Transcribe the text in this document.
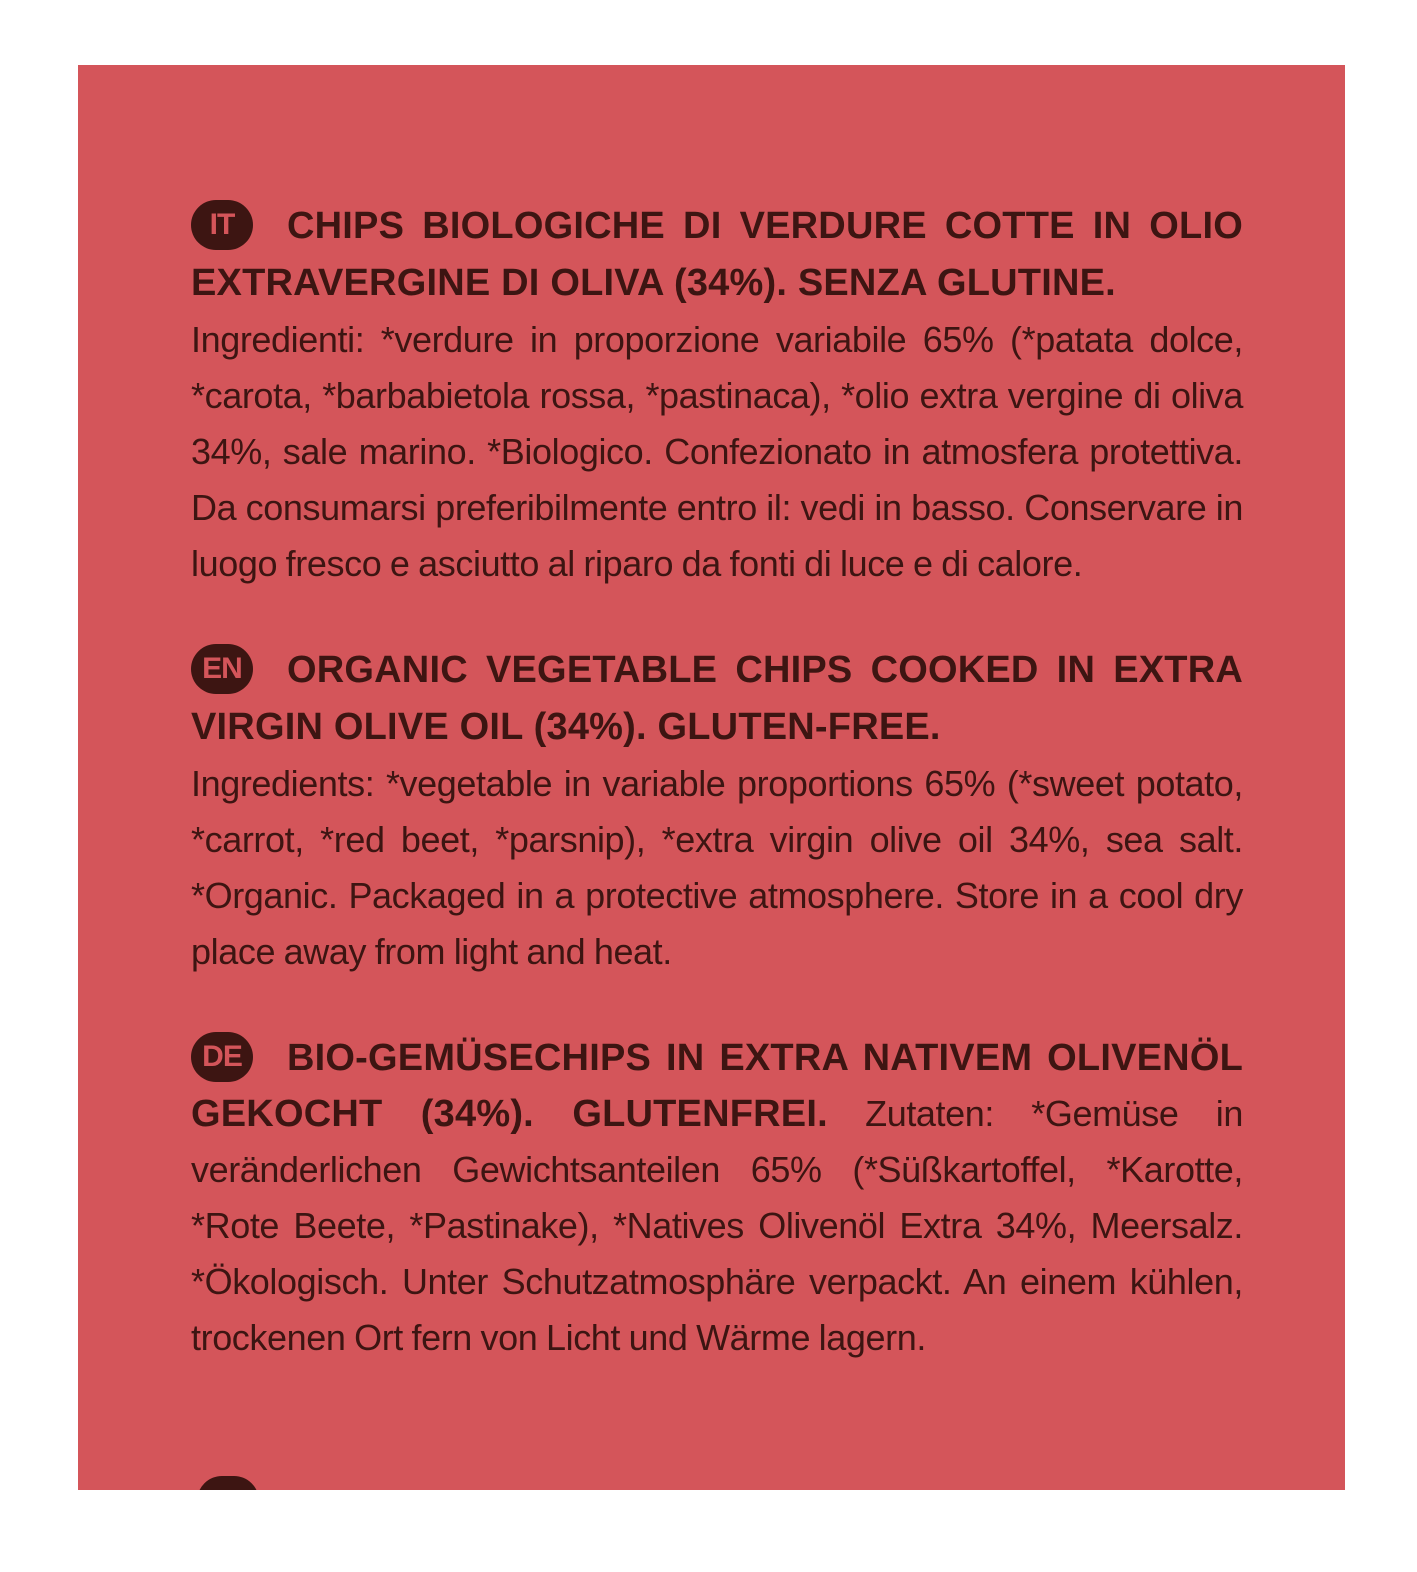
IT CHIPS BIOLOGICHE DI VERDURE COTTE IN OLIO EXTRAVERGINE DI OLIVA (34%). SENZA GLUTINE.
Ingredienti: *verdure in proporzione variabile 65% (*patata dolce, *carota, *barbabietola rossa, *pastinaca), *olio extra vergine di oliva 34%, sale marino. *Biologico. Confezionato in atmosfera protettiva. Da consumarsi preferibilmente entro il: vedi in basso. Conservare in luogo fresco e asciutto al riparo da fonti di luce e di calore.
EN ORGANIC VEGETABLE CHIPS COOKED IN EXTRA VIRGIN OLIVE OIL (34%). GLUTEN-FREE.
Ingredients: *vegetable in variable proportions 65% (*sweet potato, *carrot, *red beet, *parsnip), *extra virgin olive oil 34%, sea salt. *Organic. Packaged in a protective atmosphere. Store in a cool dry place away from light and heat.
DE BIO-GEMÜSECHIPS IN EXTRA NATIVEM OLIVENÖL GEKOCHT (34%). GLUTENFREI. Zutaten: *Gemüse in veränderlichen Gewichtsanteilen 65% (*Süßkartoffel, *Karotte, *Rote Beete, *Pastinake), *Natives Olivenöl Extra 34%, Meersalz. *Ökologisch. Unter Schutzatmosphäre verpackt. An einem kühlen, trockenen Ort fern von Licht und Wärme lagern.
